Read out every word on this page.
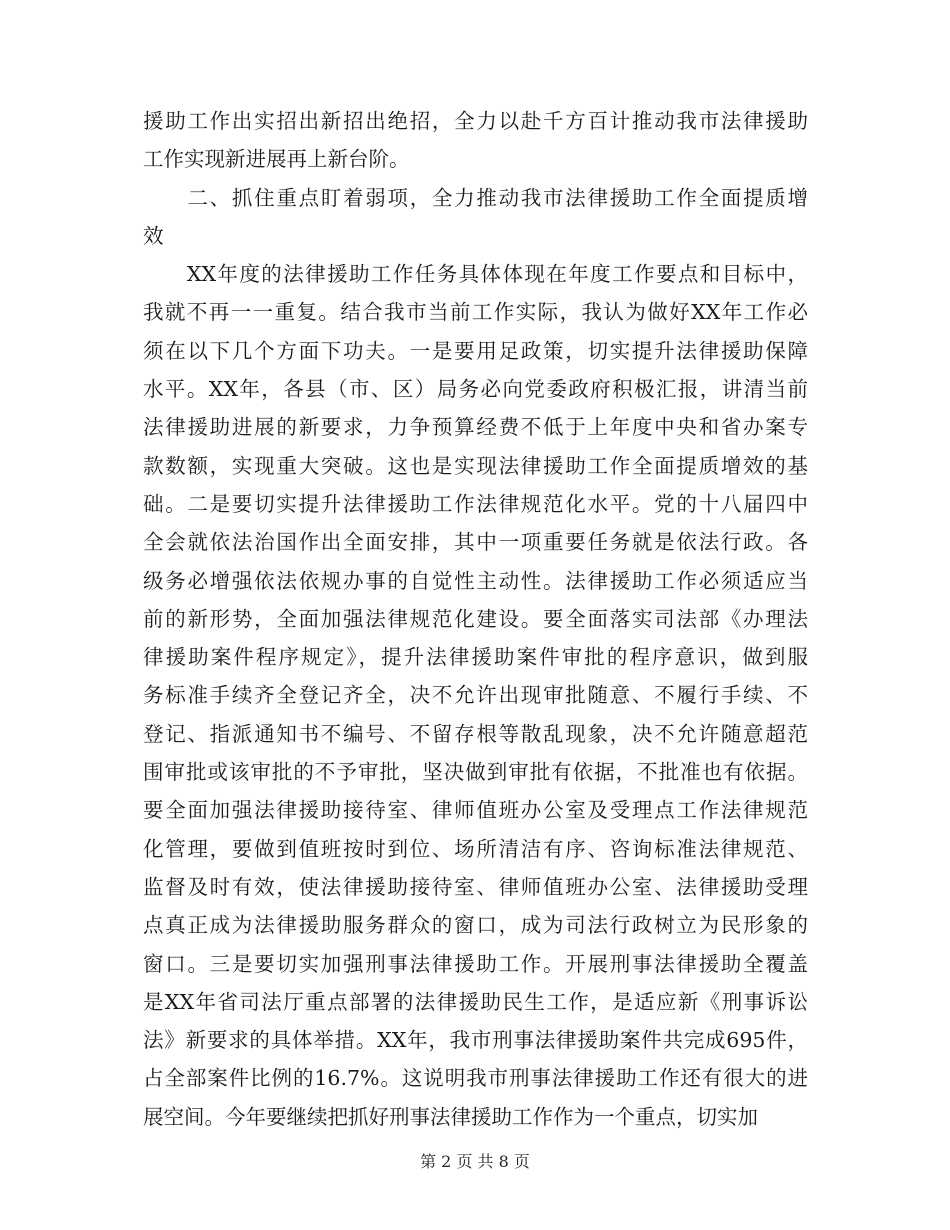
援助工作出实招出新招出绝招，全力以赴千方百计推动我市法律援助
工作实现新进展再上新台阶。
　　二、抓住重点盯着弱项，全力推动我市法律援助工作全面提质增
效
　　XX年度的法律援助工作任务具体体现在年度工作要点和目标中，
我就不再一一重复。结合我市当前工作实际，我认为做好XX年工作必
须在以下几个方面下功夫。一是要用足政策，切实提升法律援助保障
水平。XX年，各县（市、区）局务必向党委政府积极汇报，讲清当前
法律援助进展的新要求，力争预算经费不低于上年度中央和省办案专
款数额，实现重大突破。这也是实现法律援助工作全面提质增效的基
础。二是要切实提升法律援助工作法律规范化水平。党的十八届四中
全会就依法治国作出全面安排，其中一项重要任务就是依法行政。各
级务必增强依法依规办事的自觉性主动性。法律援助工作必须适应当
前的新形势，全面加强法律规范化建设。要全面落实司法部《办理法
律援助案件程序规定》，提升法律援助案件审批的程序意识，做到服
务标准手续齐全登记齐全，决不允许出现审批随意、不履行手续、不
登记、指派通知书不编号、不留存根等散乱现象，决不允许随意超范
围审批或该审批的不予审批，坚决做到审批有依据，不批准也有依据。
要全面加强法律援助接待室、律师值班办公室及受理点工作法律规范
化管理，要做到值班按时到位、场所清洁有序、咨询标准法律规范、
监督及时有效，使法律援助接待室、律师值班办公室、法律援助受理
点真正成为法律援助服务群众的窗口，成为司法行政树立为民形象的
窗口。三是要切实加强刑事法律援助工作。开展刑事法律援助全覆盖
是XX年省司法厅重点部署的法律援助民生工作，是适应新《刑事诉讼
法》新要求的具体举措。XX年，我市刑事法律援助案件共完成695件，
占全部案件比例的16.7%。这说明我市刑事法律援助工作还有很大的进
展空间。今年要继续把抓好刑事法律援助工作作为一个重点，切实加
第 2 页 共 8 页
